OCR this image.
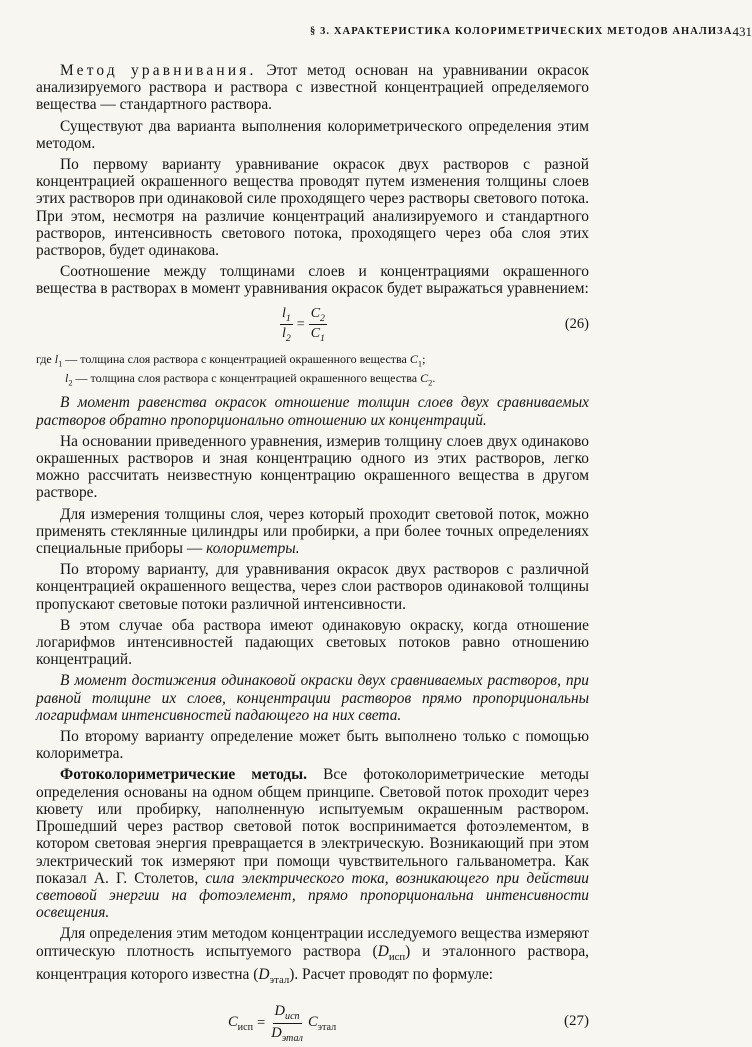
§ 3. ХАРАКТЕРИСТИКА КОЛОРИМЕТРИЧЕСКИХ МЕТОДОВ АНАЛИЗА 431

Метод уравнивания. Этот метод основан на уравнивании окрасок анализируемого раствора и раствора с известной концентрацией определяемого вещества — стандартного раствора.

Существуют два варианта выполнения колориметрического определения этим методом.

По первому варианту уравнивание окрасок двух растворов с разной концентрацией окрашенного вещества проводят путем изменения толщины слоев этих растворов при одинаковой силе проходящего через растворы светового потока. При этом, несмотря на различие концентраций анализируемого и стандартного растворов, интенсивность светового потока, проходящего через оба слоя этих растворов, будет одинакова.

Соотношение между толщинами слоев и концентрациями окрашенного вещества в растворах в момент уравнивания окрасок будет выражаться уравнением:

$\frac{l_1}{l_2} = \frac{C_2}{C_1}$	(26)
где $l_1$ — толщина слоя раствора с концентрацией окрашенного вещества $C_1$;
$l_2$ — толщина слоя раствора с концентрацией окрашенного вещества $C_2$.

В момент равенства окрасок отношение толщин слоев двух сравниваемых растворов обратно пропорционально отношению их концентраций.

На основании приведенного уравнения, измерив толщину слоев двух одинаково окрашенных растворов и зная концентрацию одного из этих растворов, легко можно рассчитать неизвестную концентрацию окрашенного вещества в другом растворе.

Для измерения толщины слоя, через который проходит световой поток, можно применять стеклянные цилиндры или пробирки, а при более точных определениях специальные приборы — колориметры.

По второму варианту, для уравнивания окрасок двух растворов с различной концентрацией окрашенного вещества, через слои растворов одинаковой толщины пропускают световые потоки различной интенсивности.

В этом случае оба раствора имеют одинаковую окраску, когда отношение логарифмов интенсивностей падающих световых потоков равно отношению концентраций.

В момент достижения одинаковой окраски двух сравниваемых растворов, при равной толщине их слоев, концентрации растворов прямо пропорциональны логарифмам интенсивностей падающего на них света.

По второму варианту определение может быть выполнено только с помощью колориметра.

Фотоколориметрические методы. Все фотоколориметрические методы определения основаны на одном общем принципе. Световой поток проходит через кювету или пробирку, наполненную испытуемым окрашенным раствором. Прошедший через раствор световой поток воспринимается фотоэлементом, в котором световая энергия превращается в электрическую. Возникающий при этом электрический ток измеряют при помощи чувствительного гальванометра. Как показал А. Г. Столетов, сила электрического тока, возникающего при действии световой энергии на фотоэлемент, прямо пропорциональна интенсивности освещения.

Для определения этим методом концентрации исследуемого вещества измеряют оптическую плотность испытуемого раствора $(D_{исп})$ и эталонного раствора, концентрация которого известна $(D_{этал})$. Расчет проводят по формуле:

$C_{исп} = \frac{D_{исп}}{D_{этал}} C_{этал}$	(27)
